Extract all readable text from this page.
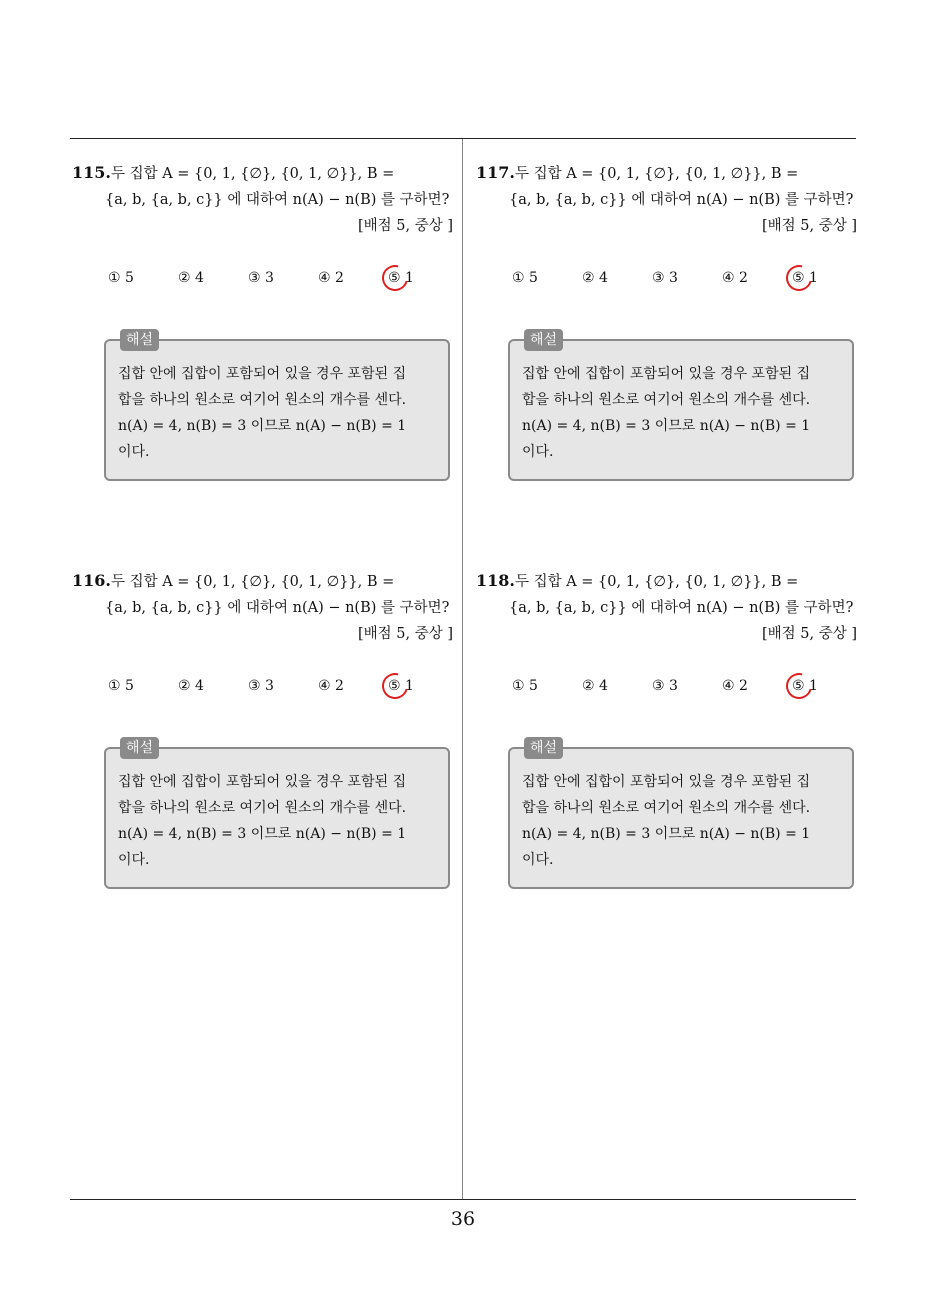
115.두 집합 A = {0, 1, {∅}, {0, 1, ∅}}, B =
{a, b, {a, b, c}} 에 대하여 n(A) − n(B) 를 구하면?
[배점 5, 중상 ]
① 5	② 4	③ 3	④ 2	⑤ 1
해설

집합 안에 집합이 포함되어 있을 경우 포함된 집

합을 하나의 원소로 여기어 원소의 개수를 센다.

n(A) = 4, n(B) = 3 이므로 n(A) − n(B) = 1

이다.

117.두 집합 A = {0, 1, {∅}, {0, 1, ∅}}, B =
{a, b, {a, b, c}} 에 대하여 n(A) − n(B) 를 구하면?
[배점 5, 중상 ]
① 5	② 4	③ 3	④ 2	⑤ 1
해설

집합 안에 집합이 포함되어 있을 경우 포함된 집

합을 하나의 원소로 여기어 원소의 개수를 센다.

n(A) = 4, n(B) = 3 이므로 n(A) − n(B) = 1

이다.

116.두 집합 A = {0, 1, {∅}, {0, 1, ∅}}, B =
{a, b, {a, b, c}} 에 대하여 n(A) − n(B) 를 구하면?
[배점 5, 중상 ]
① 5	② 4	③ 3	④ 2	⑤ 1
해설

집합 안에 집합이 포함되어 있을 경우 포함된 집

합을 하나의 원소로 여기어 원소의 개수를 센다.

n(A) = 4, n(B) = 3 이므로 n(A) − n(B) = 1

이다.

118.두 집합 A = {0, 1, {∅}, {0, 1, ∅}}, B =
{a, b, {a, b, c}} 에 대하여 n(A) − n(B) 를 구하면?
[배점 5, 중상 ]
① 5	② 4	③ 3	④ 2	⑤ 1
해설

집합 안에 집합이 포함되어 있을 경우 포함된 집

합을 하나의 원소로 여기어 원소의 개수를 센다.

n(A) = 4, n(B) = 3 이므로 n(A) − n(B) = 1

이다.

36
